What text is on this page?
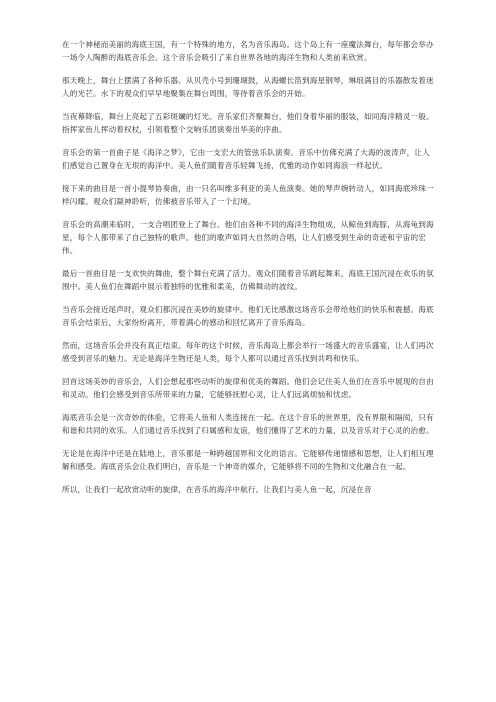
在一个神秘而美丽的海底王国，有一个特殊的地方，名为音乐海岛。这个岛上有一座魔法舞台，每年都会举办一场令人陶醉的海底音乐会。这个音乐会吸引了来自世界各地的海洋生物和人类前来欣赏。

那天晚上，舞台上摆满了各种乐器。从贝壳小号到珊瑚鼓，从海螺长笛到海星钢琴，琳琅满目的乐器散发着迷人的光芒。水下的观众们早早地聚集在舞台周围，等待着音乐会的开始。

当夜幕降临，舞台上亮起了五彩斑斓的灯光。音乐家们齐聚舞台，他们身着华丽的服装，如同海洋精灵一般。指挥家鱼儿挥动着权杖，引领着整个交响乐团演奏出华美的序曲。

音乐会的第一首曲子是《海洋之梦》，它由一支宏大的管弦乐队演奏。音乐中仿佛充满了大海的波涛声，让人们感觉自己置身在无垠的海洋中。美人鱼们随着音乐轻舞飞扬，优雅的动作如同海浪一样起伏。

接下来的曲目是一首小提琴协奏曲，由一只名叫维多利亚的美人鱼演奏。她的琴声婉转动人，如同海底珍珠一样闪耀。观众们凝神聆听，仿佛被音乐带入了一个幻境。

音乐会的高潮来临时，一支合唱团登上了舞台。他们由各种不同的海洋生物组成，从鲸鱼到海豚，从海龟到海星，每个人都带来了自己独特的歌声。他们的歌声如同大自然的合唱，让人们感受到生命的奇迹和宇宙的宏伟。

最后一首曲目是一支欢快的舞曲，整个舞台充满了活力。观众们随着音乐跳起舞来，海底王国沉浸在欢乐的氛围中。美人鱼们在舞蹈中展示着独特的优雅和柔美，仿佛舞动的波纹。

当音乐会接近尾声时，观众们都沉浸在美妙的旋律中。他们无比感激这场音乐会带给他们的快乐和震撼。海底音乐会结束后，大家纷纷离开，带着满心的感动和回忆离开了音乐海岛。

然而，这场音乐会并没有真正结束。每年的这个时候，音乐海岛上都会举行一场盛大的音乐盛宴，让人们再次感受到音乐的魅力。无论是海洋生物还是人类，每个人都可以通过音乐找到共鸣和快乐。

回首这场美妙的音乐会，人们会想起那些动听的旋律和优美的舞蹈。他们会记住美人鱼们在音乐中展现的自由和灵动。他们会感受到音乐所带来的力量，它能够抚慰心灵，让人们远离烦恼和忧虑。

海底音乐会是一次奇妙的体验，它将美人鱼和人类连接在一起。在这个音乐的世界里，没有界限和隔阂，只有和谐和共同的欢乐。人们通过音乐找到了归属感和友谊，他们懂得了艺术的力量，以及音乐对于心灵的治愈。

无论是在海洋中还是在陆地上，音乐都是一种跨越国界和文化的语言。它能够传递情感和思想，让人们相互理解和感受。海底音乐会让我们明白，音乐是一个神奇的媒介，它能够将不同的生物和文化融合在一起。

所以，让我们一起欣赏动听的旋律，在音乐的海洋中航行。让我们与美人鱼一起，沉浸在音
